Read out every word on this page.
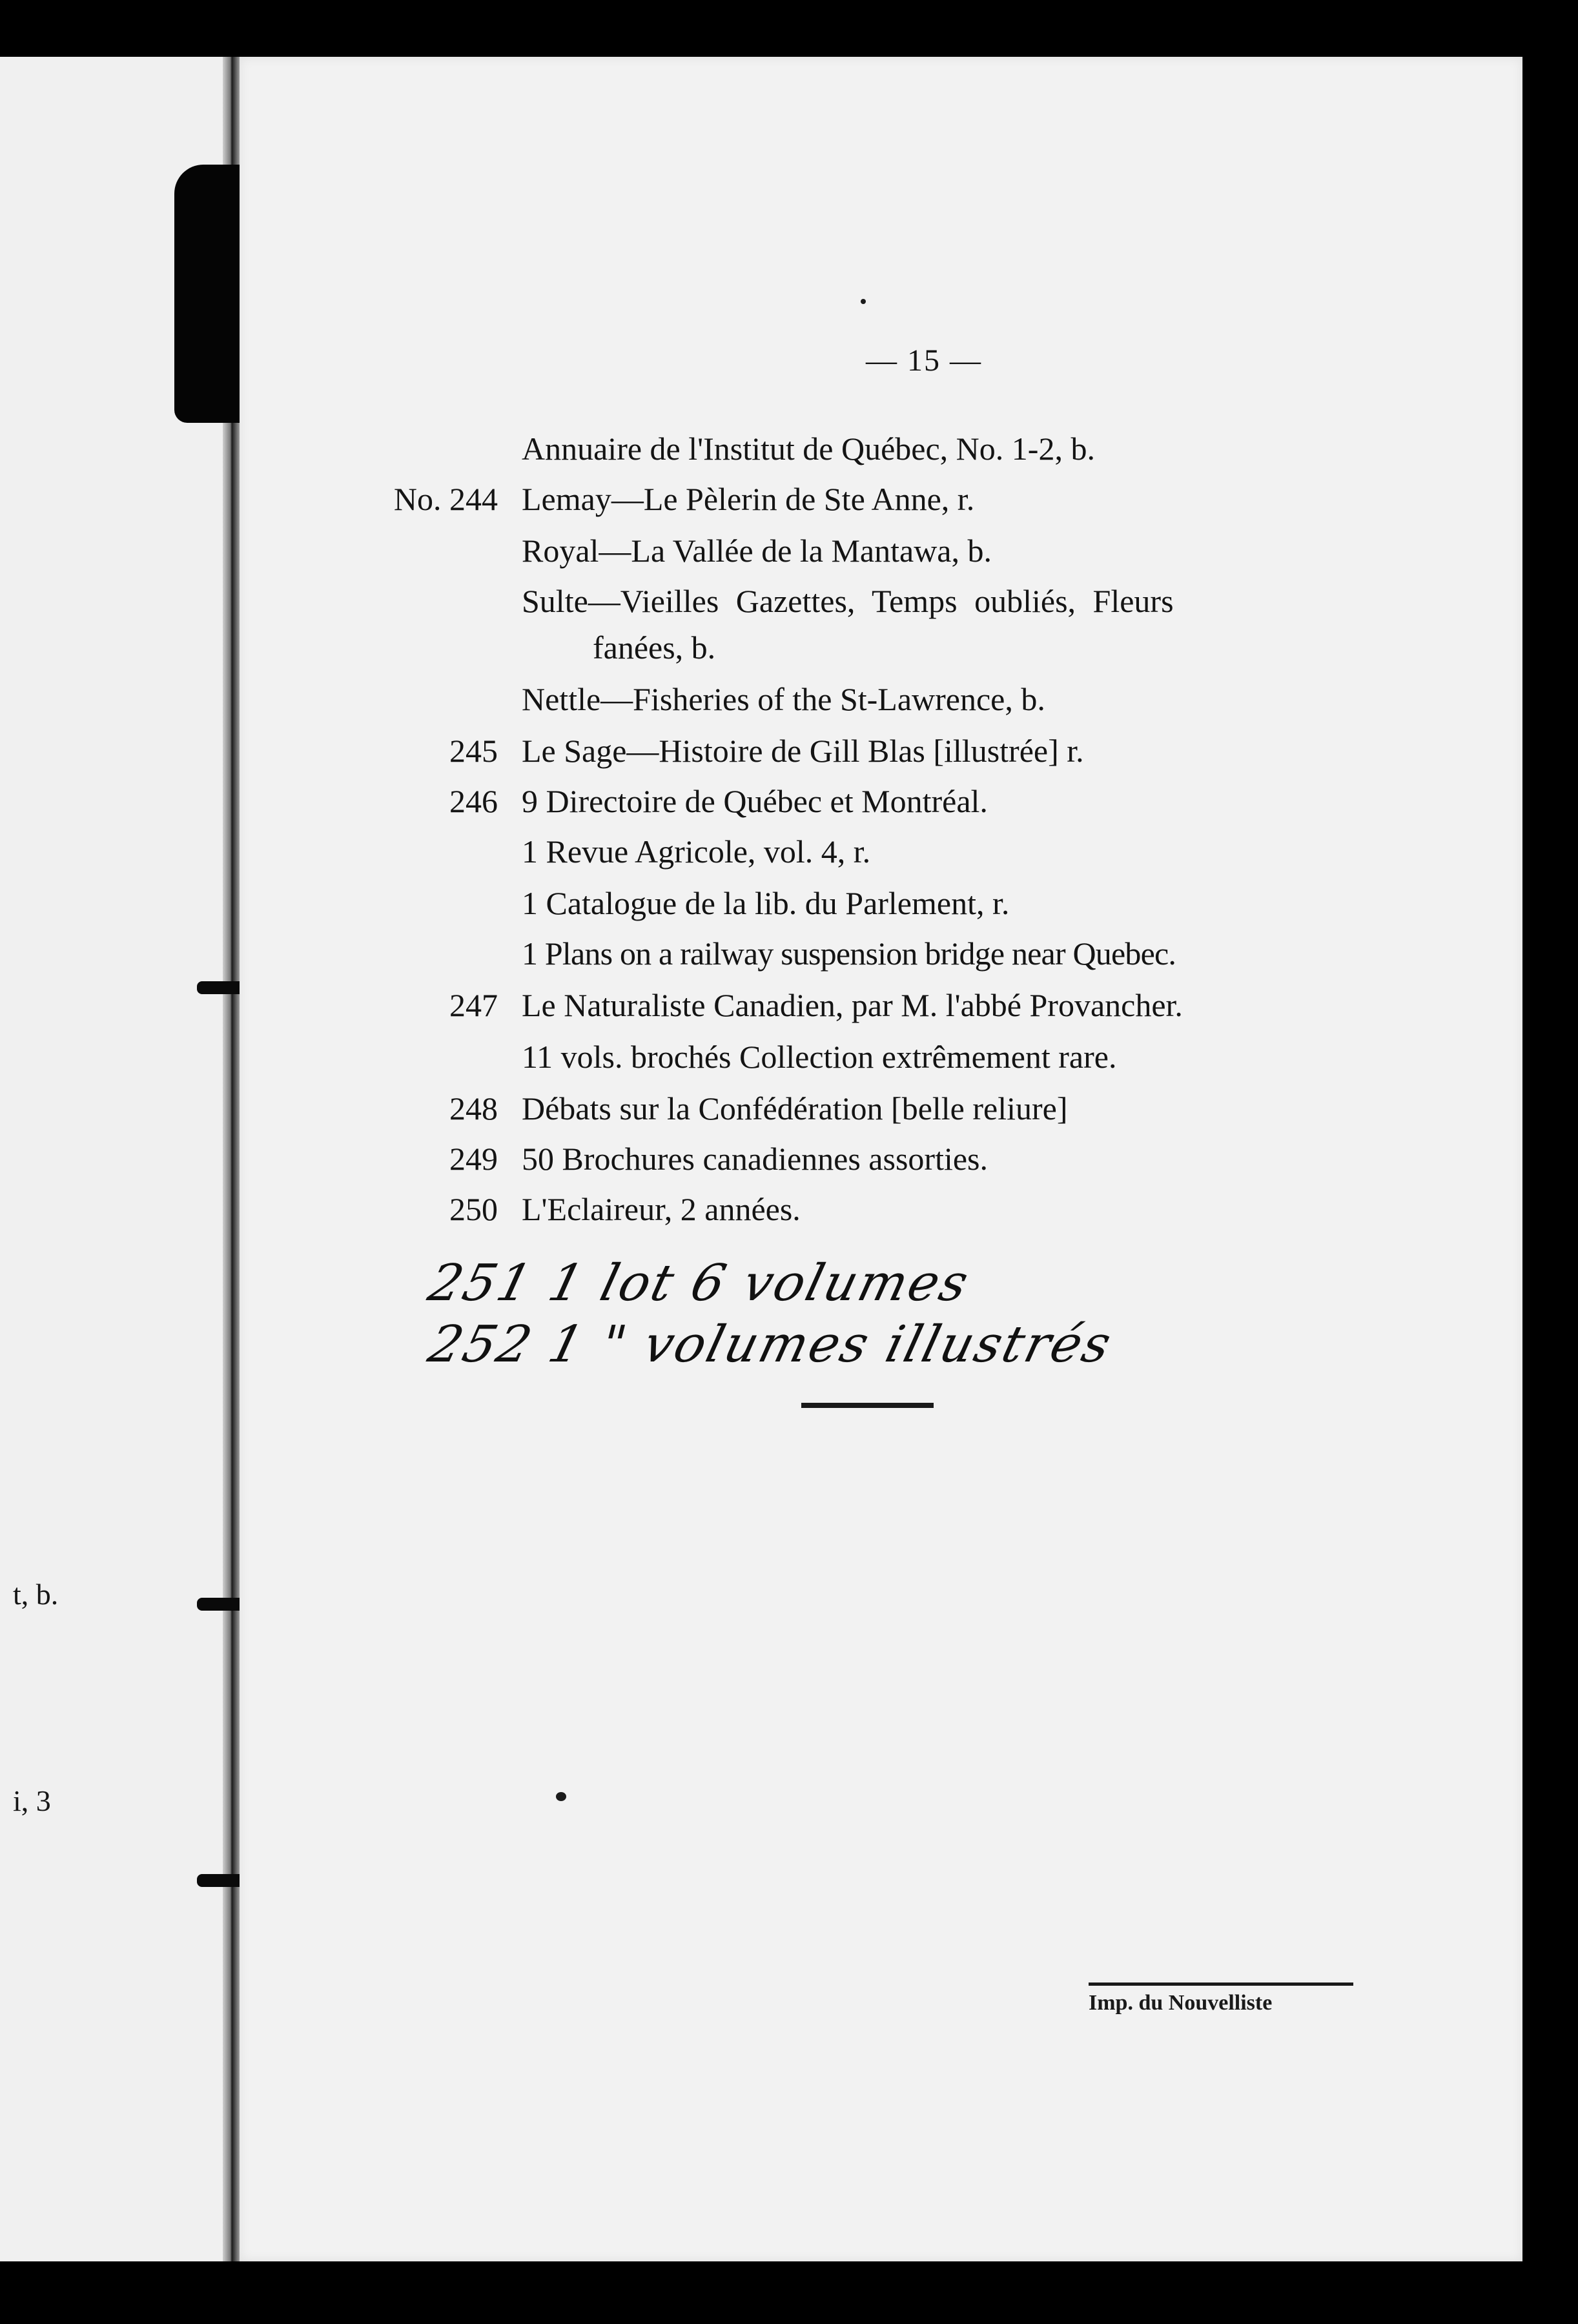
t, b.
i, 3
— 15 —
Annuaire de l'Institut de Québec, No. 1-2, b.
No. 244 Lemay—Le Pèlerin de Ste Anne, r.
Royal—La Vallée de la Mantawa, b.
Sulte—Vieilles Gazettes, Temps oubliés, Fleurs
fanées, b.
Nettle—Fisheries of the St-Lawrence, b.
245 Le Sage—Histoire de Gill Blas [illustrée] r.
246 9 Directoire de Québec et Montréal.
1 Revue Agricole, vol. 4, r.
1 Catalogue de la lib. du Parlement, r.
1 Plans on a railway suspension bridge near Quebec.
247 Le Naturaliste Canadien, par M. l'abbé Provancher.
11 vols. brochés Collection extrêmement rare.
248 Débats sur la Confédération [belle reliure]
249 50 Brochures canadiennes assorties.
250 L'Eclaireur, 2 années.
251 1 lot 6 volumes
252 1 " volumes illustrés
Imp. du Nouvelliste
